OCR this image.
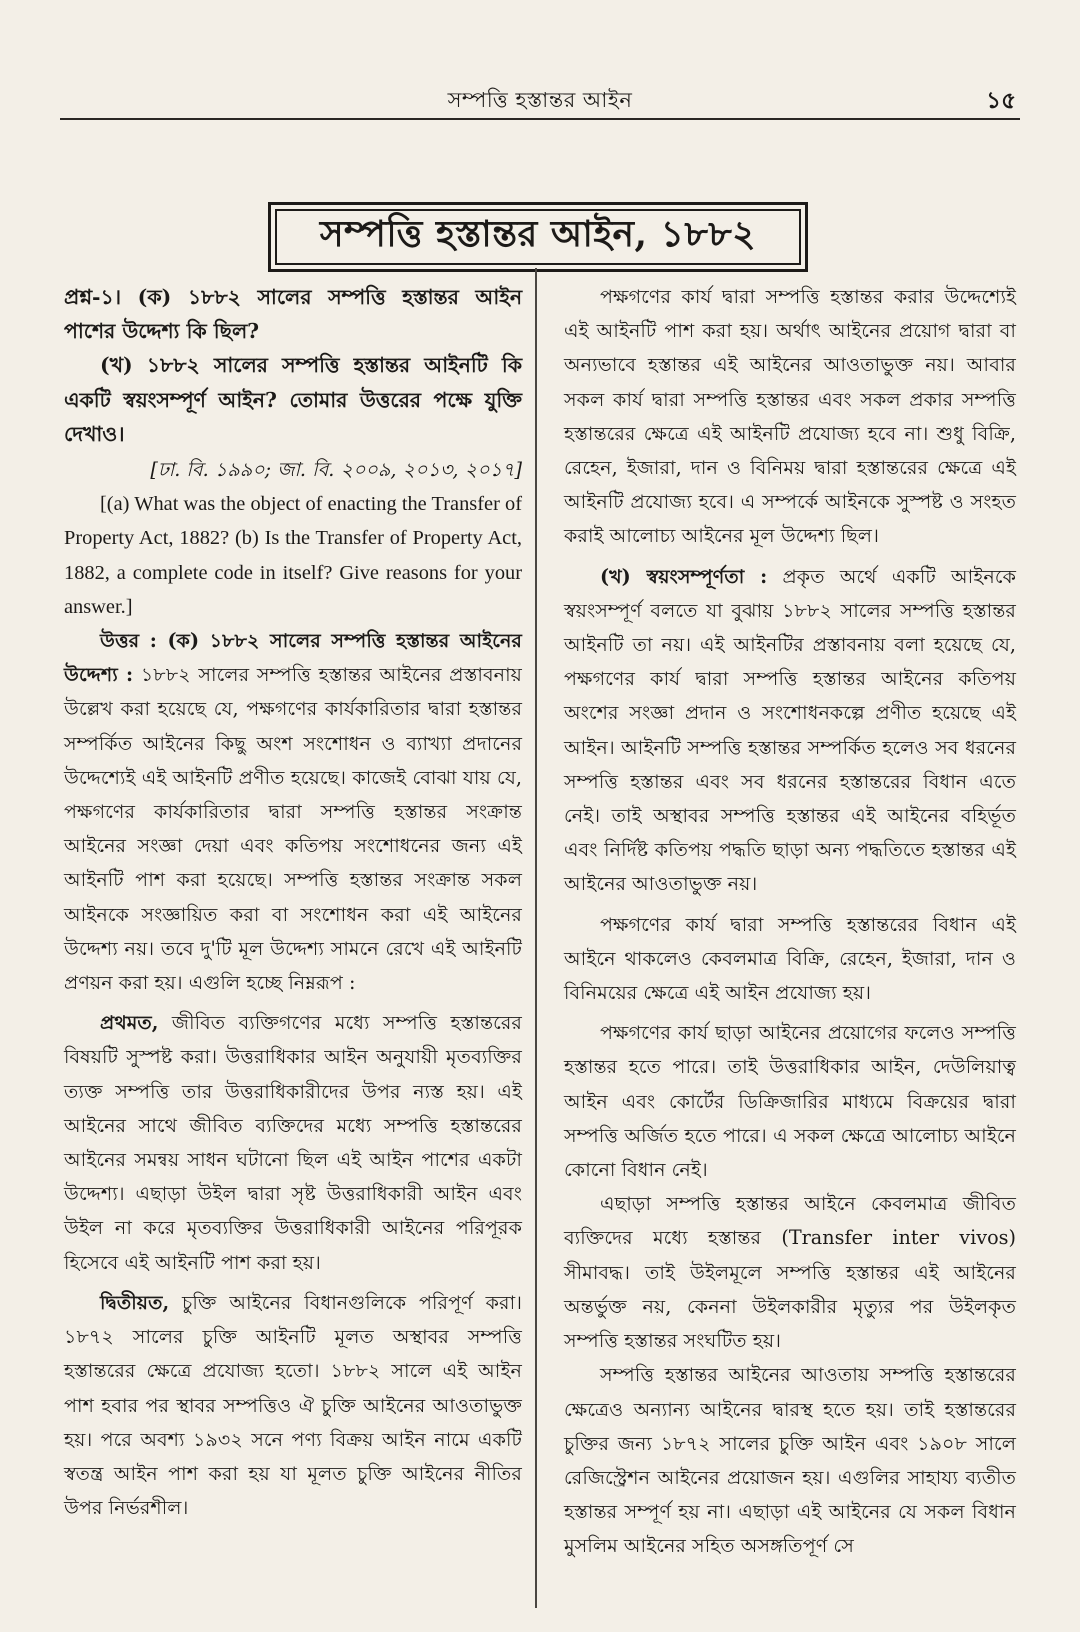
সম্পত্তি হস্তান্তর আইন	১৫
সম্পত্তি হস্তান্তর আইন, ১৮৮২

প্রশ্ন-১। (ক) ১৮৮২ সালের সম্পত্তি হস্তান্তর আইন পাশের উদ্দেশ্য কি ছিল?

(খ) ১৮৮২ সালের সম্পত্তি হস্তান্তর আইনটি কি একটি স্বয়ংসম্পূর্ণ আইন? তোমার উত্তরের পক্ষে যুক্তি দেখাও।

[ঢা. বি. ১৯৯০; জা. বি. ২০০৯, ২০১৩, ২০১৭]

[(a) What was the object of enacting the Transfer of Property Act, 1882? (b) Is the Transfer of Property Act, 1882, a complete code in itself? Give reasons for your answer.]

উত্তর : (ক) ১৮৮২ সালের সম্পত্তি হস্তান্তর আইনের উদ্দেশ্য : ১৮৮২ সালের সম্পত্তি হস্তান্তর আইনের প্রস্তাবনায় উল্লেখ করা হয়েছে যে, পক্ষগণের কার্যকারিতার দ্বারা হস্তান্তর সম্পর্কিত আইনের কিছু অংশ সংশোধন ও ব্যাখ্যা প্রদানের উদ্দেশ্যেই এই আইনটি প্রণীত হয়েছে। কাজেই বোঝা যায় যে, পক্ষগণের কার্যকারিতার দ্বারা সম্পত্তি হস্তান্তর সংক্রান্ত আইনের সংজ্ঞা দেয়া এবং কতিপয় সংশোধনের জন্য এই আইনটি পাশ করা হয়েছে। সম্পত্তি হস্তান্তর সংক্রান্ত সকল আইনকে সংজ্ঞায়িত করা বা সংশোধন করা এই আইনের উদ্দেশ্য নয়। তবে দু'টি মূল উদ্দেশ্য সামনে রেখে এই আইনটি প্রণয়ন করা হয়। এগুলি হচ্ছে নিম্নরূপ :

প্রথমত, জীবিত ব্যক্তিগণের মধ্যে সম্পত্তি হস্তান্তরের বিষয়টি সুস্পষ্ট করা। উত্তরাধিকার আইন অনুযায়ী মৃতব্যক্তির ত্যক্ত সম্পত্তি তার উত্তরাধিকারীদের উপর ন্যস্ত হয়। এই আইনের সাথে জীবিত ব্যক্তিদের মধ্যে সম্পত্তি হস্তান্তরের আইনের সমন্বয় সাধন ঘটানো ছিল এই আইন পাশের একটা উদ্দেশ্য। এছাড়া উইল দ্বারা সৃষ্ট উত্তরাধিকারী আইন এবং উইল না করে মৃতব্যক্তির উত্তরাধিকারী আইনের পরিপূরক হিসেবে এই আইনটি পাশ করা হয়।

দ্বিতীয়ত, চুক্তি আইনের বিধানগুলিকে পরিপূর্ণ করা। ১৮৭২ সালের চুক্তি আইনটি মূলত অস্থাবর সম্পত্তি হস্তান্তরের ক্ষেত্রে প্রযোজ্য হতো। ১৮৮২ সালে এই আইন পাশ হবার পর স্থাবর সম্পত্তিও ঐ চুক্তি আইনের আওতাভুক্ত হয়। পরে অবশ্য ১৯৩২ সনে পণ্য বিক্রয় আইন নামে একটি স্বতন্ত্র আইন পাশ করা হয় যা মূলত চুক্তি আইনের নীতির উপর নির্ভরশীল।

পক্ষগণের কার্য দ্বারা সম্পত্তি হস্তান্তর করার উদ্দেশ্যেই এই আইনটি পাশ করা হয়। অর্থাৎ আইনের প্রয়োগ দ্বারা বা অন্যভাবে হস্তান্তর এই আইনের আওতাভুক্ত নয়। আবার সকল কার্য দ্বারা সম্পত্তি হস্তান্তর এবং সকল প্রকার সম্পত্তি হস্তান্তরের ক্ষেত্রে এই আইনটি প্রযোজ্য হবে না। শুধু বিক্রি, রেহেন, ইজারা, দান ও বিনিময় দ্বারা হস্তান্তরের ক্ষেত্রে এই আইনটি প্রযোজ্য হবে। এ সম্পর্কে আইনকে সুস্পষ্ট ও সংহত করাই আলোচ্য আইনের মূল উদ্দেশ্য ছিল।

(খ) স্বয়ংসম্পূর্ণতা : প্রকৃত অর্থে একটি আইনকে স্বয়ংসম্পূর্ণ বলতে যা বুঝায় ১৮৮২ সালের সম্পত্তি হস্তান্তর আইনটি তা নয়। এই আইনটির প্রস্তাবনায় বলা হয়েছে যে, পক্ষগণের কার্য দ্বারা সম্পত্তি হস্তান্তর আইনের কতিপয় অংশের সংজ্ঞা প্রদান ও সংশোধনকল্পে প্রণীত হয়েছে এই আইন। আইনটি সম্পত্তি হস্তান্তর সম্পর্কিত হলেও সব ধরনের সম্পত্তি হস্তান্তর এবং সব ধরনের হস্তান্তরের বিধান এতে নেই। তাই অস্থাবর সম্পত্তি হস্তান্তর এই আইনের বহির্ভূত এবং নির্দিষ্ট কতিপয় পদ্ধতি ছাড়া অন্য পদ্ধতিতে হস্তান্তর এই আইনের আওতাভুক্ত নয়।

পক্ষগণের কার্য দ্বারা সম্পত্তি হস্তান্তরের বিধান এই আইনে থাকলেও কেবলমাত্র বিক্রি, রেহেন, ইজারা, দান ও বিনিময়ের ক্ষেত্রে এই আইন প্রযোজ্য হয়।

পক্ষগণের কার্য ছাড়া আইনের প্রয়োগের ফলেও সম্পত্তি হস্তান্তর হতে পারে। তাই উত্তরাধিকার আইন, দেউলিয়াত্ব আইন এবং কোর্টের ডিক্রিজারির মাধ্যমে বিক্রয়ের দ্বারা সম্পত্তি অর্জিত হতে পারে। এ সকল ক্ষেত্রে আলোচ্য আইনে কোনো বিধান নেই।

এছাড়া সম্পত্তি হস্তান্তর আইনে কেবলমাত্র জীবিত ব্যক্তিদের মধ্যে হস্তান্তর (Transfer inter vivos) সীমাবদ্ধ। তাই উইলমূলে সম্পত্তি হস্তান্তর এই আইনের অন্তর্ভুক্ত নয়, কেননা উইলকারীর মৃত্যুর পর উইলকৃত সম্পত্তি হস্তান্তর সংঘটিত হয়।

সম্পত্তি হস্তান্তর আইনের আওতায় সম্পত্তি হস্তান্তরের ক্ষেত্রেও অন্যান্য আইনের দ্বারস্থ হতে হয়। তাই হস্তান্তরের চুক্তির জন্য ১৮৭২ সালের চুক্তি আইন এবং ১৯০৮ সালে রেজিস্ট্রেশন আইনের প্রয়োজন হয়। এগুলির সাহায্য ব্যতীত হস্তান্তর সম্পূর্ণ হয় না। এছাড়া এই আইনের যে সকল বিধান মুসলিম আইনের সহিত অসঙ্গতিপূর্ণ সে
